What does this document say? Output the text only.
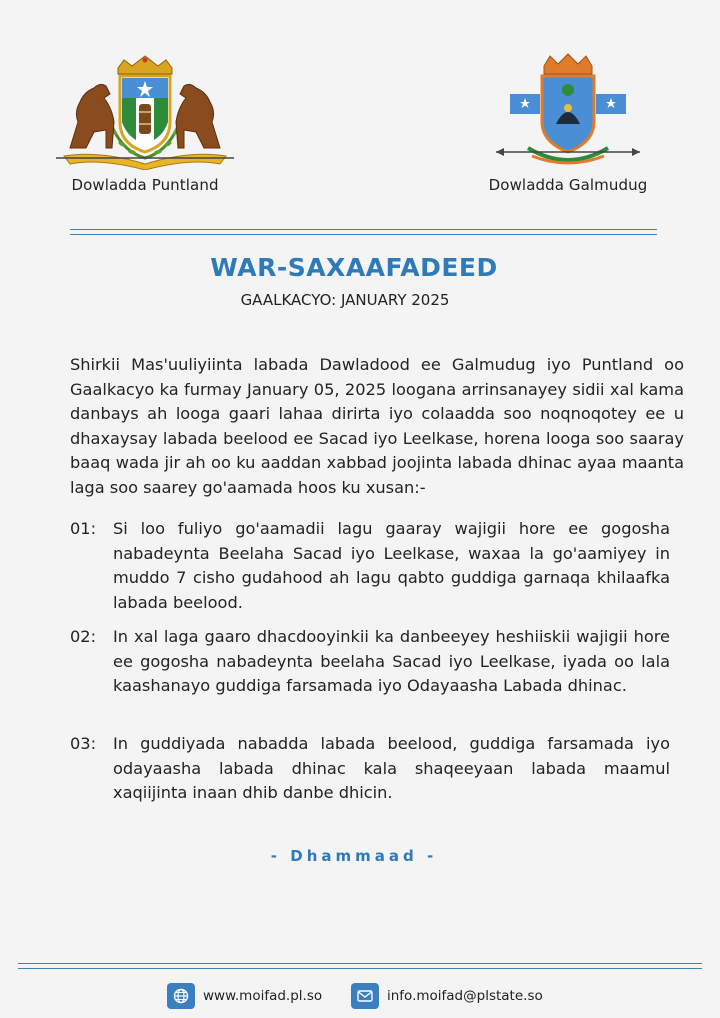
Dowladda Puntland	Dowladda Galmudug
WAR-SAXAAFADEED
GAALKACYO: JANUARY 2025
Shirkii Mas'uuliyiinta labada Dawladood ee Galmudug iyo Puntland oo Gaalkacyo ka furmay January 05, 2025 loogana arrinsanayey sidii xal kama danbays ah looga gaari lahaa dirirta iyo colaadda soo noqnoqotey ee u dhaxaysay labada beelood ee Sacad iyo Leelkase, horena looga soo saaray baaq wada jir ah oo ku aaddan xabbad joojinta labada dhinac ayaa maanta laga soo saarey go'aamada hoos ku xusan:-
01: Si loo fuliyo go'aamadii lagu gaaray wajigii hore ee gogosha nabadeynta Beelaha Sacad iyo Leelkase, waxaa la go'aamiyey in muddo 7 cisho gudahood ah lagu qabto guddiga garnaqa khilaafka labada beelood.
02: In xal laga gaaro dhacdooyinkii ka danbeeyey heshiiskii wajigii hore ee gogosha nabadeynta beelaha Sacad iyo Leelkase, iyada oo lala kaashanayo guddiga farsamada iyo Odayaasha Labada dhinac.
03: In guddiyada nabadda labada beelood, guddiga farsamada iyo odayaasha labada dhinac kala shaqeeyaan labada maamul xaqiijinta inaan dhib danbe dhicin.
- Dhammaad -
www.moifad.pl.so	info.moifad@plstate.so
